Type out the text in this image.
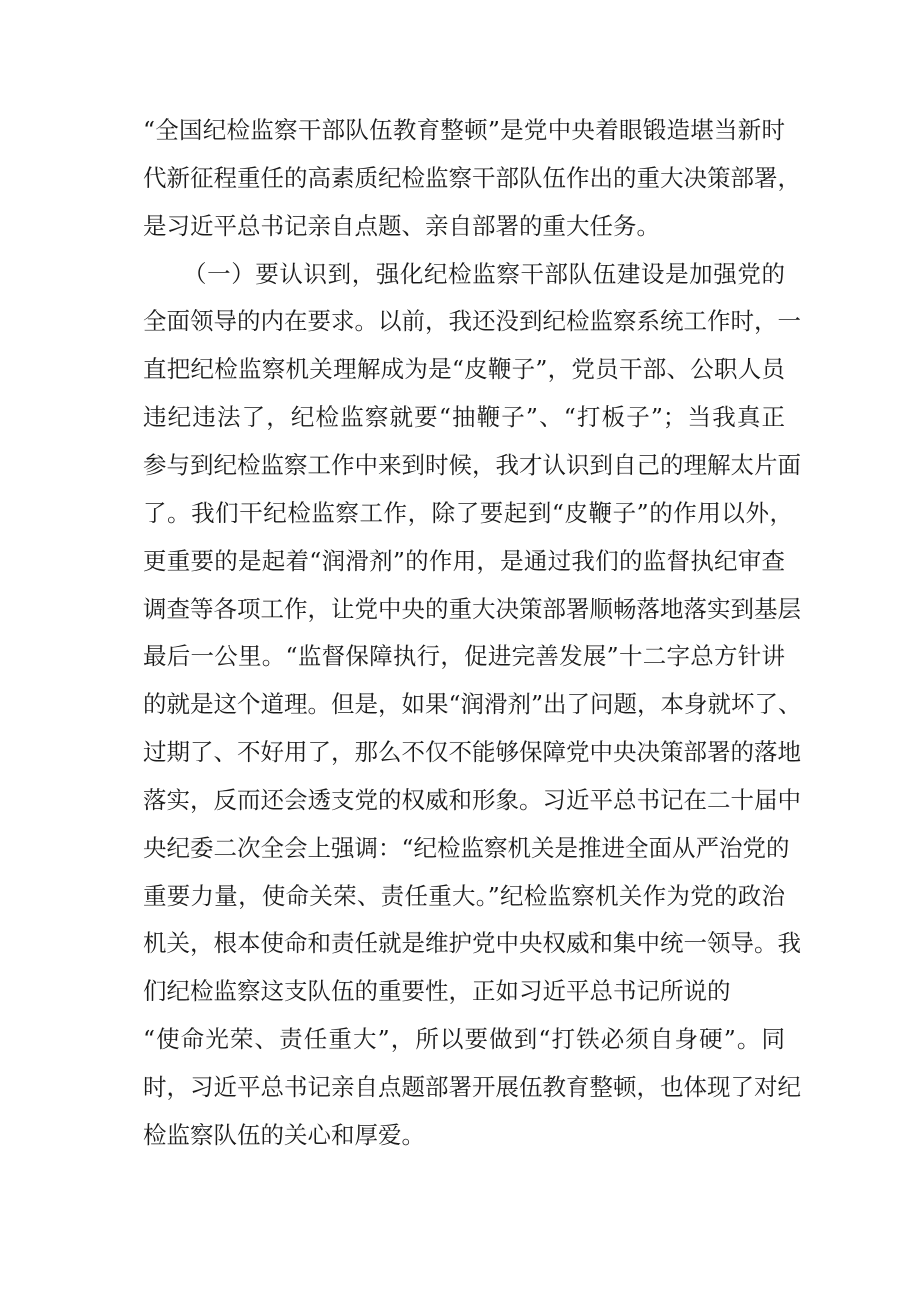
“全国纪检监察干部队伍教育整顿”是党中央着眼锻造堪当新时
代新征程重任的高素质纪检监察干部队伍作出的重大决策部署，
是习近平总书记亲自点题、亲自部署的重大任务。
（一）要认识到，强化纪检监察干部队伍建设是加强党的
全面领导的内在要求。以前，我还没到纪检监察系统工作时，一
直把纪检监察机关理解成为是“皮鞭子”，党员干部、公职人员
违纪违法了，纪检监察就要“抽鞭子”、“打板子”；当我真正
参与到纪检监察工作中来到时候，我才认识到自己的理解太片面
了。我们干纪检监察工作，除了要起到“皮鞭子”的作用以外，
更重要的是起着“润滑剂”的作用，是通过我们的监督执纪审查
调查等各项工作，让党中央的重大决策部署顺畅落地落实到基层
最后一公里。“监督保障执行，促进完善发展”十二字总方针讲
的就是这个道理。但是，如果“润滑剂”出了问题，本身就坏了、
过期了、不好用了，那么不仅不能够保障党中央决策部署的落地
落实，反而还会透支党的权威和形象。习近平总书记在二十届中
央纪委二次全会上强调：“纪检监察机关是推进全面从严治党的
重要力量，使命关荣、责任重大。”纪检监察机关作为党的政治
机关，根本使命和责任就是维护党中央权威和集中统一领导。我
们纪检监察这支队伍的重要性，正如习近平总书记所说的
“使命光荣、责任重大”，所以要做到“打铁必须自身硬”。同
时，习近平总书记亲自点题部署开展伍教育整顿，也体现了对纪
检监察队伍的关心和厚爱。
